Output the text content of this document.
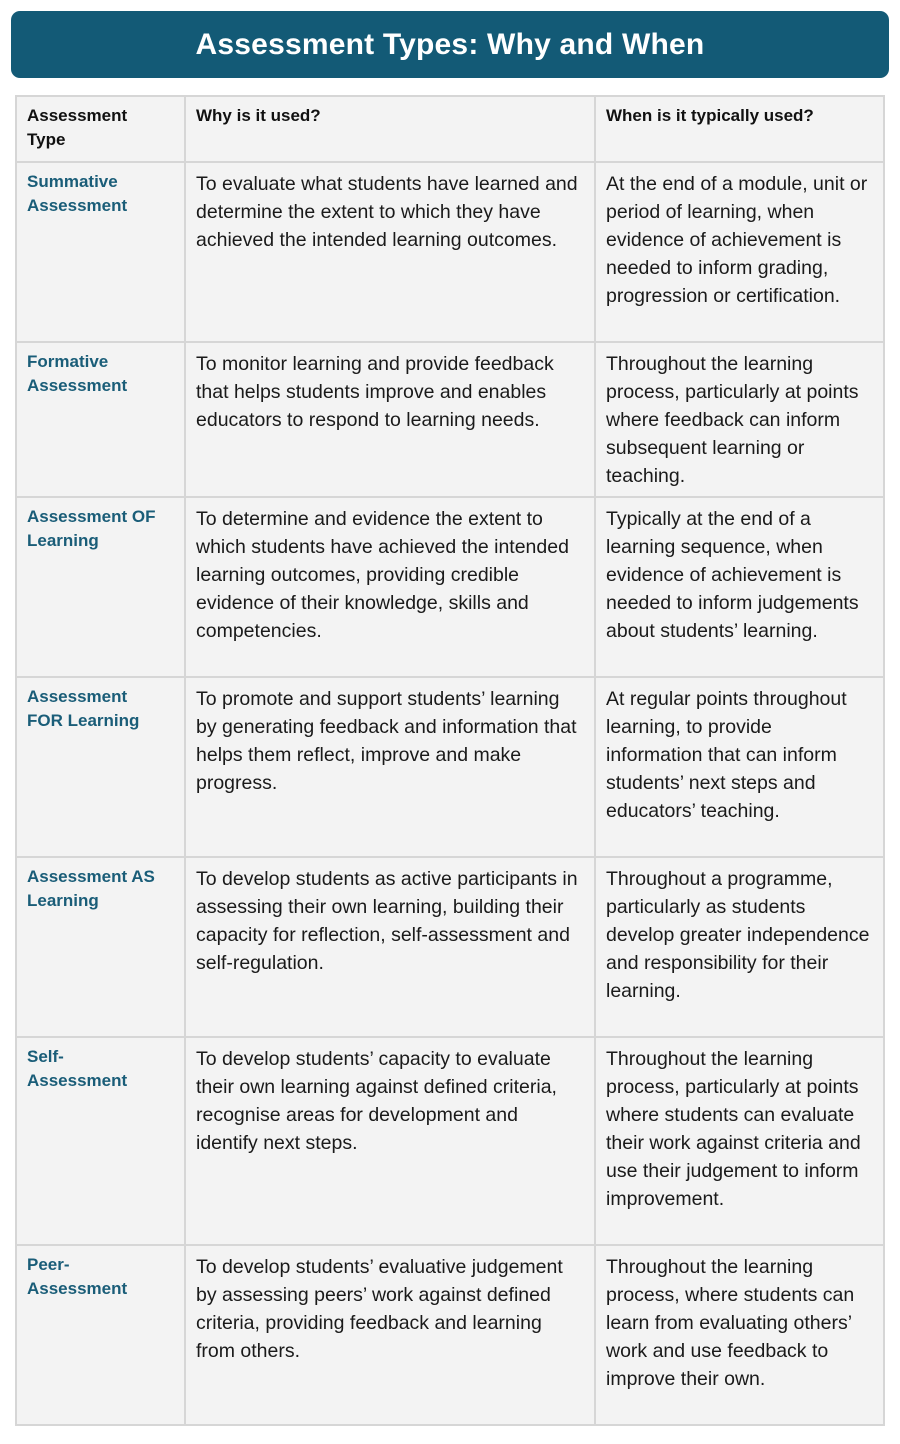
Assessment Types: Why and When
Assessment Type	Why is it used?	When is it typically used?

Summative Assessment	To evaluate what students have learned and determine the extent to which they have achieved the intended learning outcomes.	At the end of a module, unit or period of learning, when evidence of achievement is needed to inform grading, progression or certification.

Formative Assessment	To monitor learning and provide feedback that helps students improve and enables educators to respond to learning needs.	Throughout the learning process, particularly at points where feedback can inform subsequent learning or teaching.

Assessment OF Learning	To determine and evidence the extent to which students have achieved the intended learning outcomes, providing credible evidence of their knowledge, skills and competencies.	Typically at the end of a learning sequence, when evidence of achievement is needed to inform judgements about students’ learning.

Assessment FOR Learning	To promote and support students’ learning by generating feedback and information that helps them reflect, improve and make progress.	At regular points throughout learning, to provide information that can inform students’ next steps and educators’ teaching.

Assessment AS Learning	To develop students as active participants in assessing their own learning, building their capacity for reflection, self-assessment and self-regulation.	Throughout a programme, particularly as students develop greater independence and responsibility for their learning.

Self-Assessment	To develop students’ capacity to evaluate their own learning against defined criteria, recognise areas for development and identify next steps.	Throughout the learning process, particularly at points where students can evaluate their work against criteria and use their judgement to inform improvement.

Peer-Assessment	To develop students’ evaluative judgement by assessing peers’ work against defined criteria, providing feedback and learning from others.	Throughout the learning process, where students can learn from evaluating others’ work and use feedback to improve their own.
